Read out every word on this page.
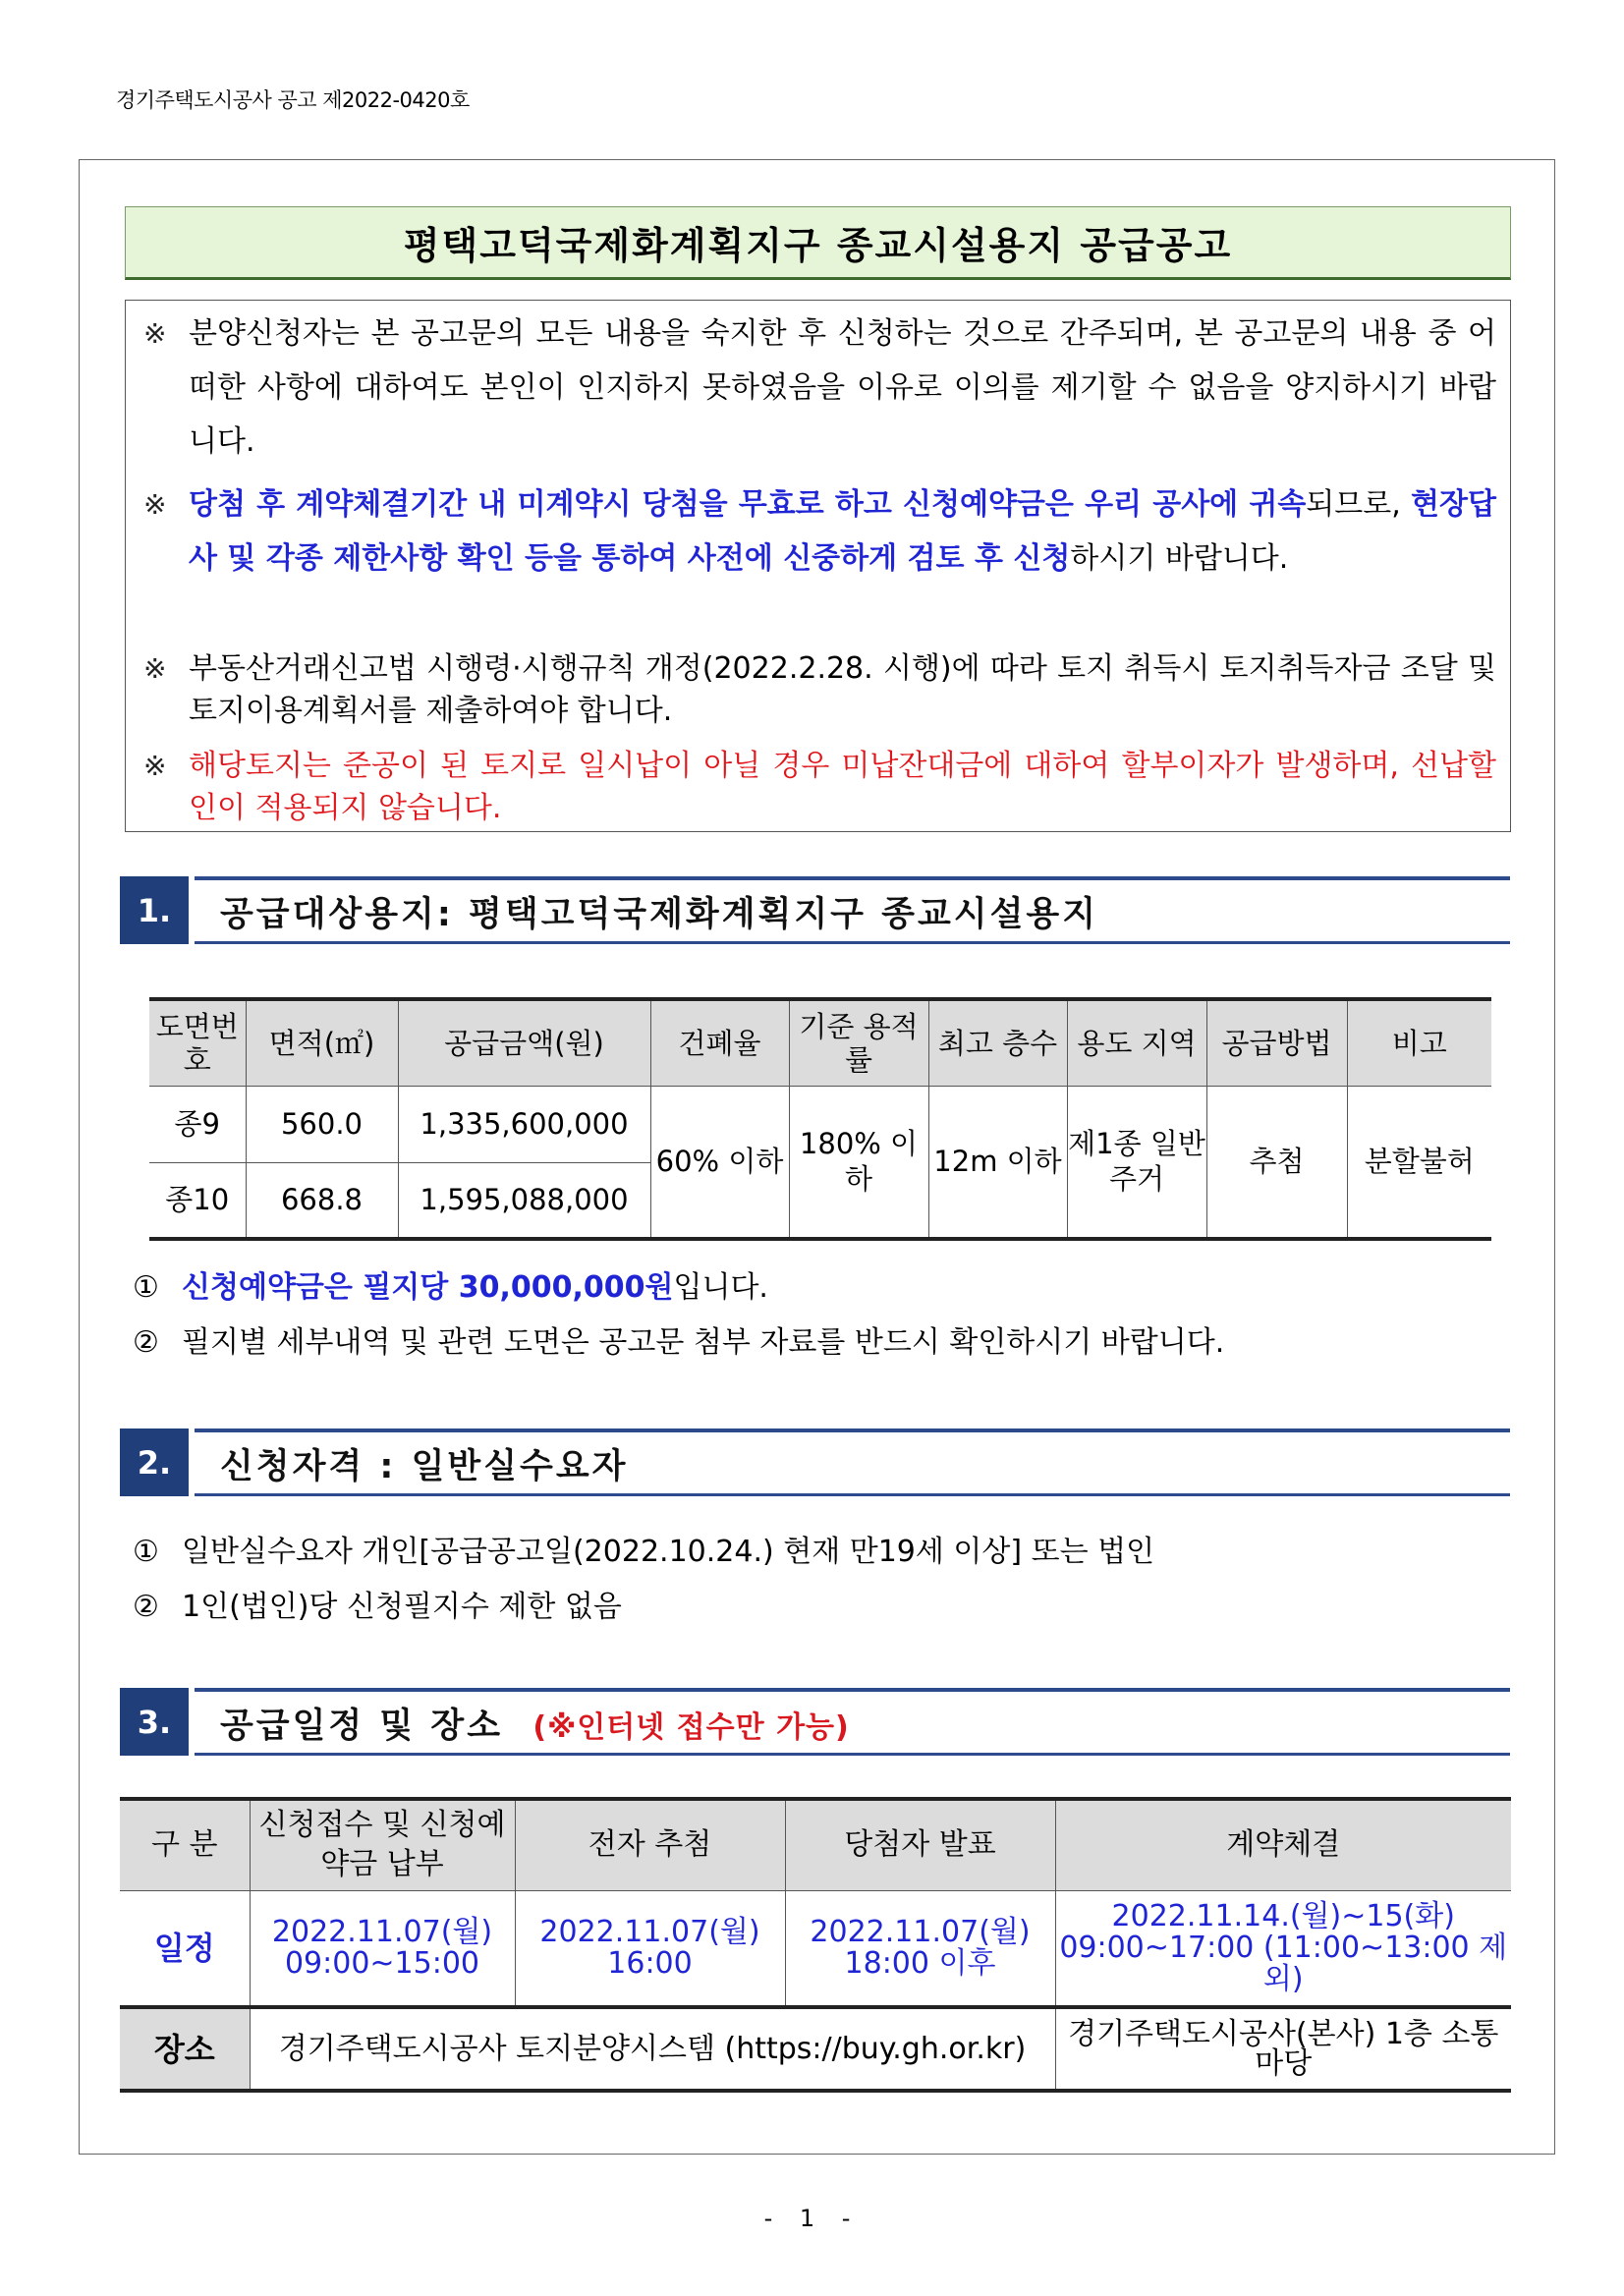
경기주택도시공사 공고 제2022-0420호
평택고덕국제화계획지구 종교시설용지 공급공고
※ 분양신청자는 본 공고문의 모든 내용을 숙지한 후 신청하는 것으로 간주되며, 본 공고문의 내용 중 어떠한 사항에 대하여도 본인이 인지하지 못하였음을 이유로 이의를 제기할 수 없음을 양지하시기 바랍니다.
※ 당첨 후 계약체결기간 내 미계약시 당첨을 무효로 하고 신청예약금은 우리 공사에 귀속되므로, 현장답사 및 각종 제한사항 확인 등을 통하여 사전에 신중하게 검토 후 신청하시기 바랍니다.
※ 부동산거래신고법 시행령·시행규칙 개정(2022.2.28. 시행)에 따라 토지 취득시 토지취득자금 조달 및 토지이용계획서를 제출하여야 합니다.
※ 해당토지는 준공이 된 토지로 일시납이 아닐 경우 미납잔대금에 대하여 할부이자가 발생하며, 선납할인이 적용되지 않습니다.
1.	공급대상용지: 평택고덕국제화계획지구 종교시설용지
도면번호	면적(㎡)	공급금액(원)	건폐율	기준 용적률	최고 층수	용도 지역	공급방법	비고
종9	560.0	1,335,600,000	60% 이하	180% 이하	12m 이하	제1종 일반주거	추첨	분할불허
종10	668.8	1,595,088,000						
① 신청예약금은 필지당 30,000,000원입니다.
② 필지별 세부내역 및 관련 도면은 공고문 첨부 자료를 반드시 확인하시기 바랍니다.
2.	신청자격 : 일반실수요자
① 일반실수요자 개인[공급공고일(2022.10.24.) 현재 만19세 이상] 또는 법인
② 1인(법인)당 신청필지수 제한 없음
3.	공급일정 및 장소 (※인터넷 접수만 가능)
구 분	신청접수 및 신청예약금 납부	전자 추첨	당첨자 발표	계약체결
일정	2022.11.07(월) 09:00~15:00	2022.11.07(월) 16:00	2022.11.07(월) 18:00 이후	2022.11.14.(월)~15(화) 09:00~17:00 (11:00~13:00 제외)
장소	경기주택도시공사 토지분양시스템 (https://buy.gh.or.kr)			경기주택도시공사(본사) 1층 소통마당
- 1 -
